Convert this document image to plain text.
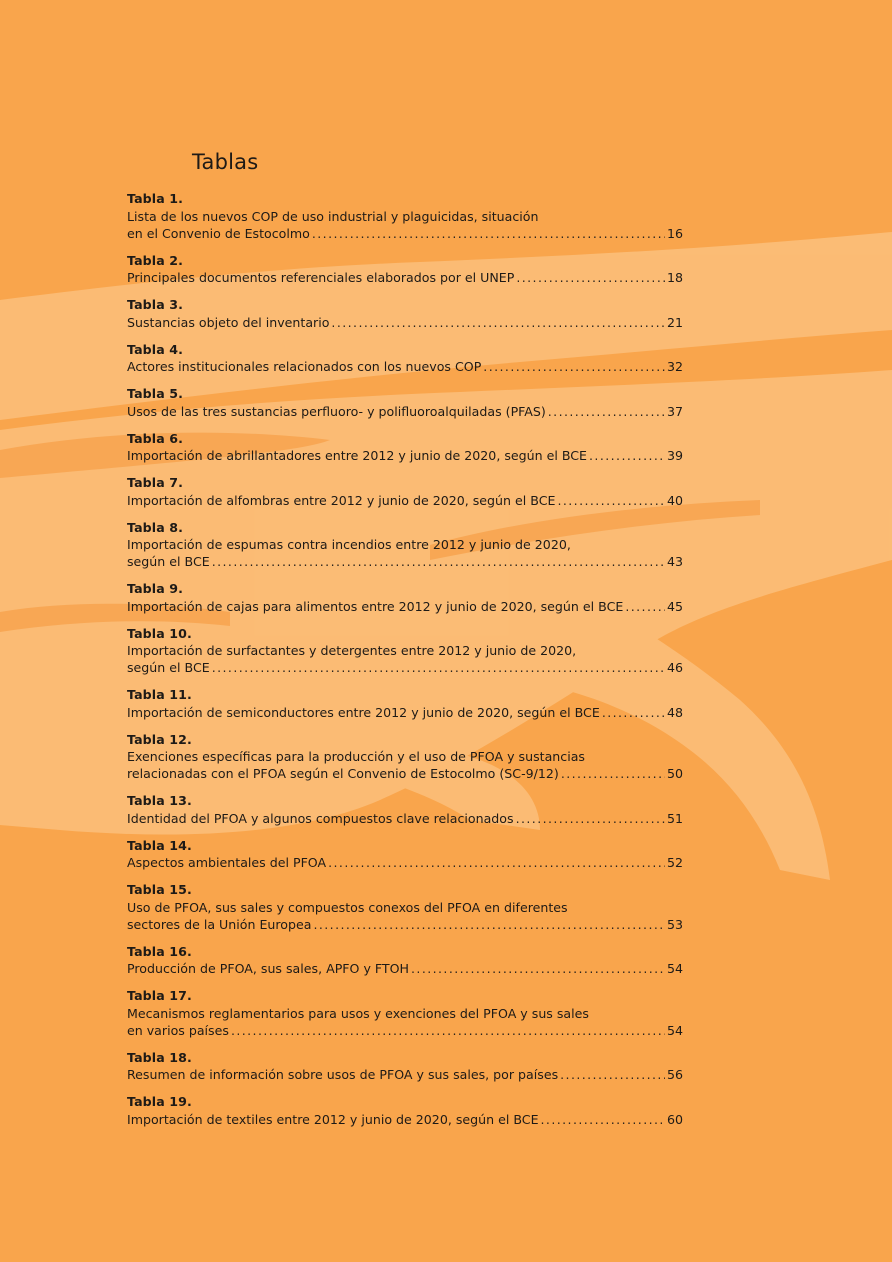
Tablas
Tabla 1.
Lista de los nuevos COP de uso industrial y plaguicidas, situación
en el Convenio de Estocolmo .....	16
Tabla 2.
Principales documentos referenciales elaborados por el UNEP .....	18
Tabla 3.
Sustancias objeto del inventario .....	21
Tabla 4.
Actores institucionales relacionados con los nuevos COP .....	32
Tabla 5.
Usos de las tres sustancias perfluoro- y polifluoroalquiladas (PFAS) .....	37
Tabla 6.
Importación de abrillantadores entre 2012 y junio de 2020, según el BCE .....	39
Tabla 7.
Importación de alfombras entre 2012 y junio de 2020, según el BCE .....	40
Tabla 8.
Importación de espumas contra incendios entre 2012 y junio de 2020,
según el BCE .....	43
Tabla 9.
Importación de cajas para alimentos entre 2012 y junio de 2020, según el BCE .....	45
Tabla 10.
Importación de surfactantes y detergentes entre 2012 y junio de 2020,
según el BCE .....	46
Tabla 11.
Importación de semiconductores entre 2012 y junio de 2020, según el BCE .....	48
Tabla 12.
Exenciones específicas para la producción y el uso de PFOA y sustancias
relacionadas con el PFOA según el Convenio de Estocolmo (SC-9/12) .....	50
Tabla 13.
Identidad del PFOA y algunos compuestos clave relacionados .....	51
Tabla 14.
Aspectos ambientales del PFOA .....	52
Tabla 15.
Uso de PFOA, sus sales y compuestos conexos del PFOA en diferentes
sectores de la Unión Europea .....	53
Tabla 16.
Producción de PFOA, sus sales, APFO y FTOH .....	54
Tabla 17.
Mecanismos reglamentarios para usos y exenciones del PFOA y sus sales
en varios países .....	54
Tabla 18.
Resumen de información sobre usos de PFOA y sus sales, por países .....	56
Tabla 19.
Importación de textiles entre 2012 y junio de 2020, según el BCE .....	60
